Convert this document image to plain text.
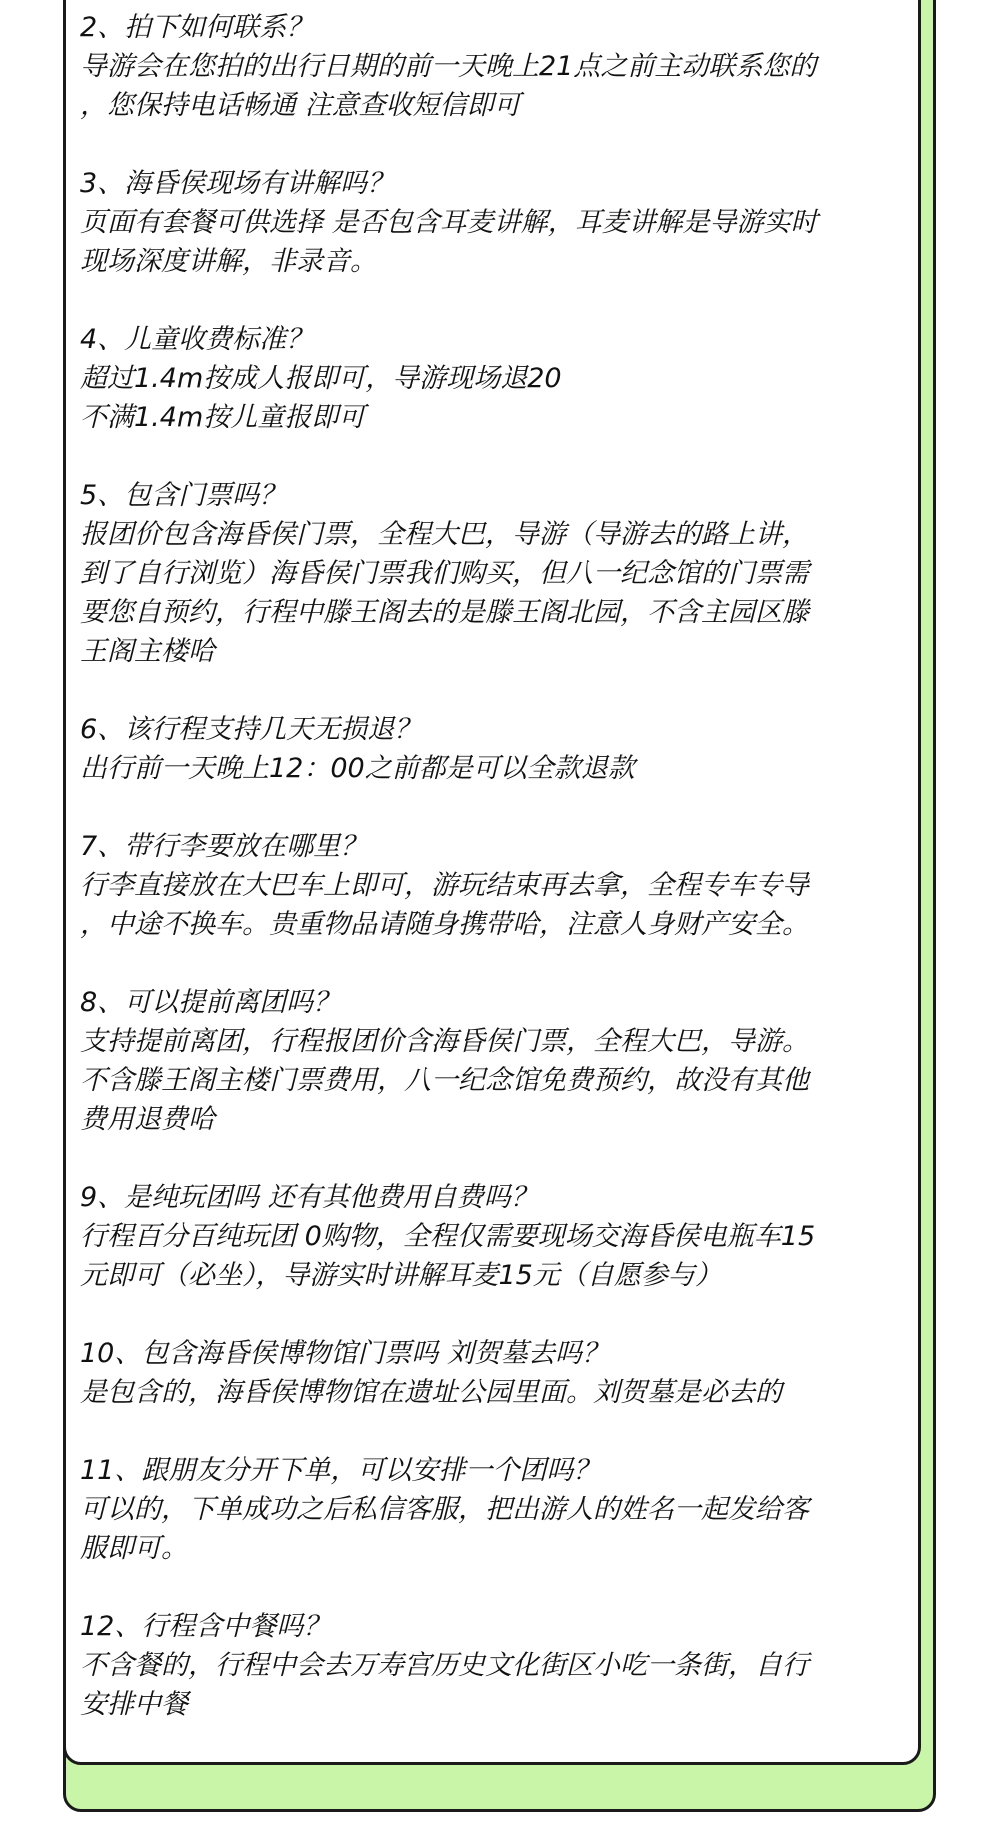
2、拍下如何联系？

导游会在您拍的出行日期的前一天晚上21点之前主动联系您的

，您保持电话畅通 注意查收短信即可

3、海昏侯现场有讲解吗？

页面有套餐可供选择 是否包含耳麦讲解，耳麦讲解是导游实时

现场深度讲解，非录音。

4、儿童收费标准？

超过1.4m按成人报即可，导游现场退20

不满1.4m按儿童报即可

5、包含门票吗？

报团价包含海昏侯门票，全程大巴，导游（导游去的路上讲，

到了自行浏览）海昏侯门票我们购买，但八一纪念馆的门票需

要您自预约，行程中滕王阁去的是滕王阁北园，不含主园区滕

王阁主楼哈

6、该行程支持几天无损退？

出行前一天晚上12：00之前都是可以全款退款

7、带行李要放在哪里？

行李直接放在大巴车上即可，游玩结束再去拿，全程专车专导

，中途不换车。贵重物品请随身携带哈，注意人身财产安全。

8、可以提前离团吗？

支持提前离团，行程报团价含海昏侯门票，全程大巴，导游。

不含滕王阁主楼门票费用，八一纪念馆免费预约，故没有其他

费用退费哈

9、是纯玩团吗 还有其他费用自费吗？

行程百分百纯玩团 0购物，全程仅需要现场交海昏侯电瓶车15

元即可（必坐），导游实时讲解耳麦15元（自愿参与）

10、包含海昏侯博物馆门票吗 刘贺墓去吗？

是包含的，海昏侯博物馆在遗址公园里面。刘贺墓是必去的

11、跟朋友分开下单，可以安排一个团吗？

可以的，下单成功之后私信客服，把出游人的姓名一起发给客

服即可。

12、行程含中餐吗？

不含餐的，行程中会去万寿宫历史文化街区小吃一条街，自行

安排中餐
